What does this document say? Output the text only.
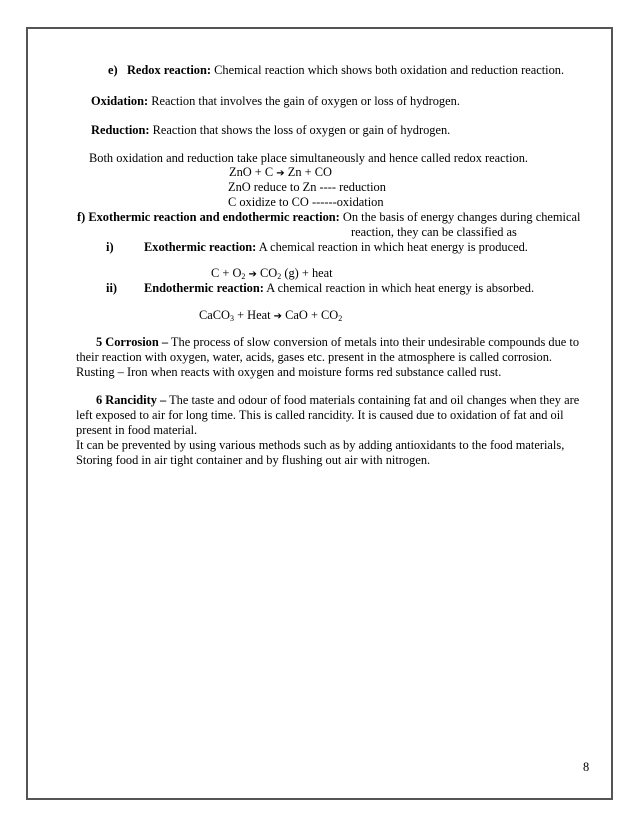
e) Redox reaction: Chemical reaction which shows both oxidation and reduction reaction.
Oxidation: Reaction that involves the gain of oxygen or loss of hydrogen.
Reduction: Reaction that shows the loss of oxygen or gain of hydrogen.
Both oxidation and reduction take place simultaneously and hence called redox reaction.
ZnO + C ➔ Zn + CO
ZnO reduce to Zn ---- reduction
C oxidize to CO ------oxidation
f) Exothermic reaction and endothermic reaction: On the basis of energy changes during chemical
reaction, they can be classified as
i) Exothermic reaction: A chemical reaction in which heat energy is produced.
$C + O_2$ ➔ $CO_2$ (g) + heat
ii) Endothermic reaction: A chemical reaction in which heat energy is absorbed.
CaCO$_3$ + Heat ➔ CaO + $CO_2$
5 Corrosion – The process of slow conversion of metals into their undesirable compounds due to
their reaction with oxygen, water, acids, gases etc. present in the atmosphere is called corrosion.
Rusting – Iron when reacts with oxygen and moisture forms red substance called rust.
6 Rancidity – The taste and odour of food materials containing fat and oil changes when they are
left exposed to air for long time. This is called rancidity. It is caused due to oxidation of fat and oil
present in food material.
It can be prevented by using various methods such as by adding antioxidants to the food materials,
Storing food in air tight container and by flushing out air with nitrogen.
8
